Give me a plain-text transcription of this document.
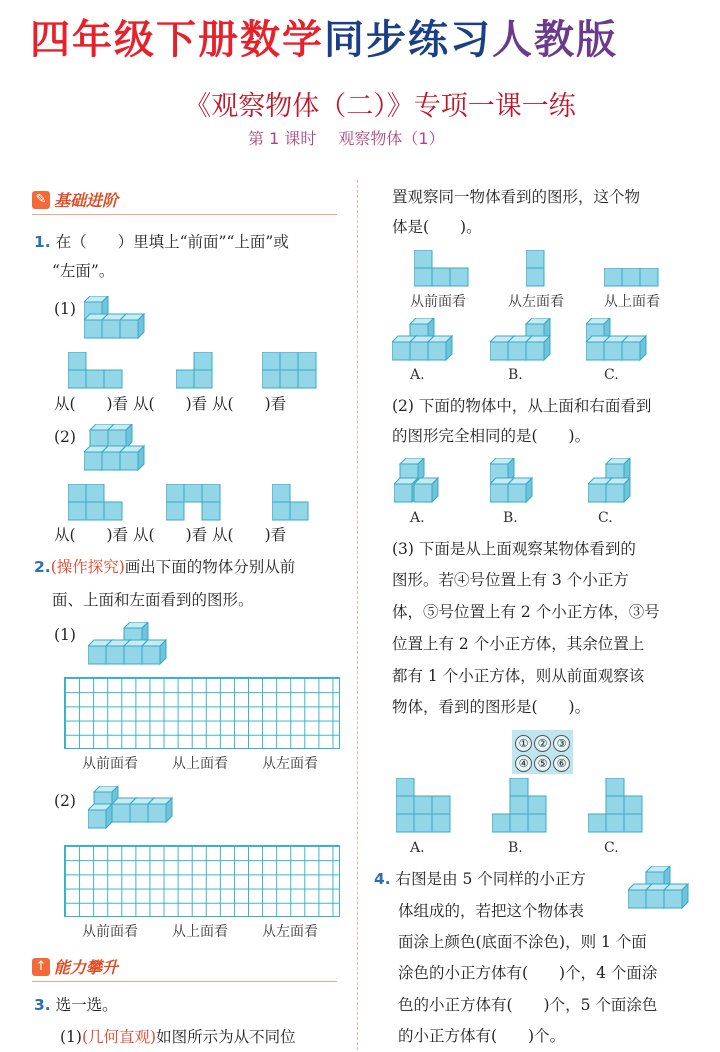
四年级下册数学同步练习人教版
《观察物体（二）》专项一课一练
第 1 课时 观察物体（1）
✎ 基础进阶
1. 在（　　）里填上“前面”“上面”或
“左面”。
(1)
从(　　)看 从(　　)看 从(　　)看
(2)
从(　　)看 从(　　)看 从(　　)看
2.(操作探究)画出下面的物体分别从前
面、上面和左面看到的图形。
(1)
从前面看 从上面看 从左面看
(2)
从前面看 从上面看 从左面看
↑ 能力攀升
3. 选一选。
(1)(几何直观)如图所示为从不同位
置观察同一物体看到的图形，这个物
体是(　　)。
从前面看	从左面看	从上面看
A.	B.	C.
(2) 下面的物体中，从上面和右面看到
的图形完全相同的是(　　)。
A.	B.	C.
(3) 下面是从上面观察某物体看到的
图形。若④号位置上有 3 个小正方
体，⑤号位置上有 2 个小正方体，③号
位置上有 2 个小正方体，其余位置上
都有 1 个小正方体，则从前面观察该
物体，看到的图形是(　　)。
① ② ③
④ ⑤ ⑥
A.	B.	C.
4. 右图是由 5 个同样的小正方
体组成的，若把这个物体表
面涂上颜色(底面不涂色)，则 1 个面
涂色的小正方体有(　　)个，4 个面涂
色的小正方体有(　　)个，5 个面涂色
的小正方体有(　　)个。
